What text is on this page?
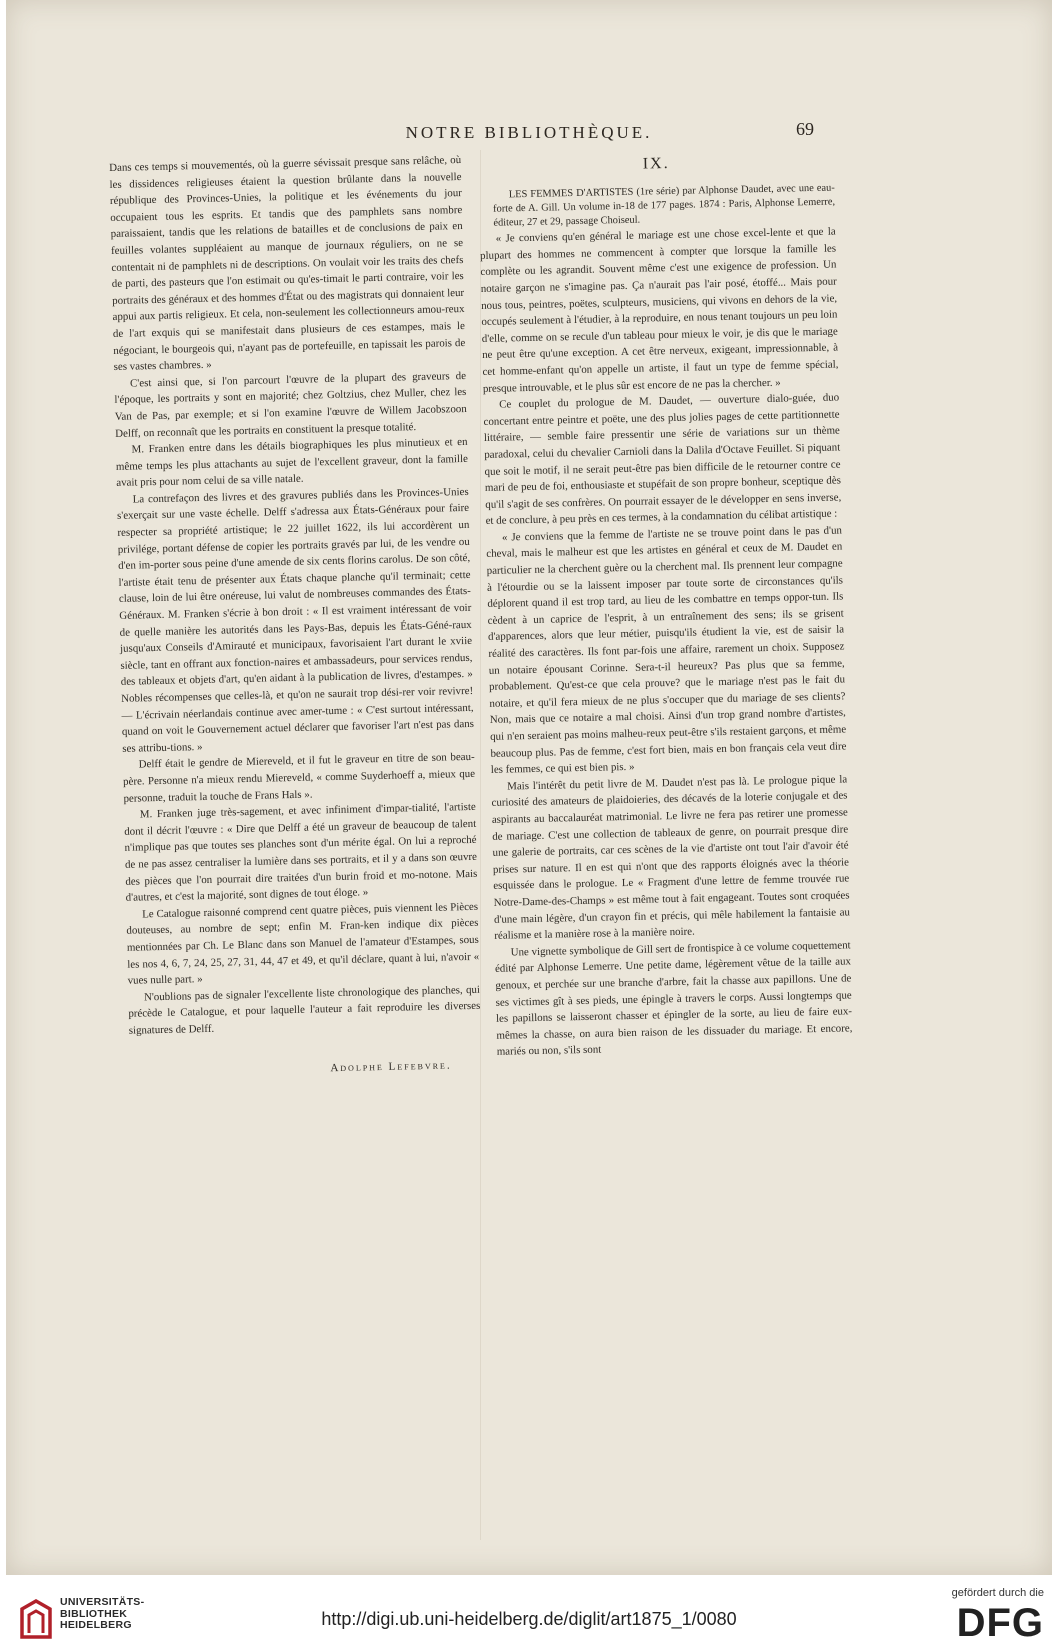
NOTRE BIBLIOTHÈQUE.	69

Dans ces temps si mouvementés, où la guerre sévissait presque sans relâche, où les dissidences religieuses étaient la question brûlante dans la nouvelle république des Provinces-Unies, la politique et les événements du jour occupaient tous les esprits. Et tandis que des pamphlets sans nombre paraissaient, tandis que les relations de batailles et de conclusions de paix en feuilles volantes suppléaient au manque de journaux réguliers, on ne se contentait ni de pamphlets ni de descriptions. On voulait voir les traits des chefs de parti, des pasteurs que l'on estimait ou qu'es-timait le parti contraire, voir les portraits des généraux et des hommes d'État ou des magistrats qui donnaient leur appui aux partis religieux. Et cela, non-seulement les collectionneurs amou-reux de l'art exquis qui se manifestait dans plusieurs de ces estampes, mais le négociant, le bourgeois qui, n'ayant pas de portefeuille, en tapissait les parois de ses vastes chambres. »

C'est ainsi que, si l'on parcourt l'œuvre de la plupart des graveurs de l'époque, les portraits y sont en majorité; chez Goltzius, chez Muller, chez les Van de Pas, par exemple; et si l'on examine l'œuvre de Willem Jacobszoon Delff, on reconnaît que les portraits en constituent la presque totalité.

M. Franken entre dans les détails biographiques les plus minutieux et en même temps les plus attachants au sujet de l'excellent graveur, dont la famille avait pris pour nom celui de sa ville natale.

La contrefaçon des livres et des gravures publiés dans les Provinces-Unies s'exerçait sur une vaste échelle. Delff s'adressa aux États-Généraux pour faire respecter sa propriété artistique; le 22 juillet 1622, ils lui accordèrent un privilége, portant défense de copier les portraits gravés par lui, de les vendre ou d'en im-porter sous peine d'une amende de six cents florins carolus. De son côté, l'artiste était tenu de présenter aux États chaque planche qu'il terminait; cette clause, loin de lui être onéreuse, lui valut de nombreuses commandes des États-Généraux. M. Franken s'écrie à bon droit : « Il est vraiment intéressant de voir de quelle manière les autorités dans les Pays-Bas, depuis les États-Géné-raux jusqu'aux Conseils d'Amirauté et municipaux, favorisaient l'art durant le xviie siècle, tant en offrant aux fonction-naires et ambassadeurs, pour services rendus, des tableaux et objets d'art, qu'en aidant à la publication de livres, d'estampes. » Nobles récompenses que celles-là, et qu'on ne saurait trop dési-rer voir revivre! — L'écrivain néerlandais continue avec amer-tume : « C'est surtout intéressant, quand on voit le Gouvernement actuel déclarer que favoriser l'art n'est pas dans ses attribu-tions. »

Delff était le gendre de Miereveld, et il fut le graveur en titre de son beau-père. Personne n'a mieux rendu Miereveld, « comme Suyderhoeff a, mieux que personne, traduit la touche de Frans Hals ».

M. Franken juge très-sagement, et avec infiniment d'impar-tialité, l'artiste dont il décrit l'œuvre : « Dire que Delff a été un graveur de beaucoup de talent n'implique pas que toutes ses planches sont d'un mérite égal. On lui a reproché de ne pas assez centraliser la lumière dans ses portraits, et il y a dans son œuvre des pièces que l'on pourrait dire traitées d'un burin froid et mo-notone. Mais d'autres, et c'est la majorité, sont dignes de tout éloge. »

Le Catalogue raisonné comprend cent quatre pièces, puis viennent les Pièces douteuses, au nombre de sept; enfin M. Fran-ken indique dix pièces mentionnées par Ch. Le Blanc dans son Manuel de l'amateur d'Estampes, sous les nos 4, 6, 7, 24, 25, 27, 31, 44, 47 et 49, et qu'il déclare, quant à lui, n'avoir « vues nulle part. »

N'oublions pas de signaler l'excellente liste chronologique des planches, qui précède le Catalogue, et pour laquelle l'auteur a fait reproduire les diverses signatures de Delff.

Adolphe Lefebvre.
IX.

LES FEMMES D'ARTISTES (1re série) par Alphonse Daudet, avec une eau-forte de A. Gill. Un volume in-18 de 177 pages. 1874 : Paris, Alphonse Lemerre, éditeur, 27 et 29, passage Choiseul.

« Je conviens qu'en général le mariage est une chose excel-lente et que la plupart des hommes ne commencent à compter que lorsque la famille les complète ou les agrandit. Souvent même c'est une exigence de profession. Un notaire garçon ne s'imagine pas. Ça n'aurait pas l'air posé, étoffé... Mais pour nous tous, peintres, poëtes, sculpteurs, musiciens, qui vivons en dehors de la vie, occupés seulement à l'étudier, à la reproduire, en nous tenant toujours un peu loin d'elle, comme on se recule d'un tableau pour mieux le voir, je dis que le mariage ne peut être qu'une exception. A cet être nerveux, exigeant, impressionnable, à cet homme-enfant qu'on appelle un artiste, il faut un type de femme spécial, presque introuvable, et le plus sûr est encore de ne pas la chercher. »

Ce couplet du prologue de M. Daudet, — ouverture dialo-guée, duo concertant entre peintre et poëte, une des plus jolies pages de cette partitionnette littéraire, — semble faire pressentir une série de variations sur un thème paradoxal, celui du chevalier Carnioli dans la Dalila d'Octave Feuillet. Si piquant que soit le motif, il ne serait peut-être pas bien difficile de le retourner contre ce mari de peu de foi, enthousiaste et stupéfait de son propre bonheur, sceptique dès qu'il s'agit de ses confrères. On pourrait essayer de le développer en sens inverse, et de conclure, à peu près en ces termes, à la condamnation du célibat artistique :

« Je conviens que la femme de l'artiste ne se trouve point dans le pas d'un cheval, mais le malheur est que les artistes en général et ceux de M. Daudet en particulier ne la cherchent guère ou la cherchent mal. Ils prennent leur compagne à l'étourdie ou se la laissent imposer par toute sorte de circonstances qu'ils déplorent quand il est trop tard, au lieu de les combattre en temps oppor-tun. Ils cèdent à un caprice de l'esprit, à un entraînement des sens; ils se grisent d'apparences, alors que leur métier, puisqu'ils étudient la vie, est de saisir la réalité des caractères. Ils font par-fois une affaire, rarement un choix. Supposez un notaire épousant Corinne. Sera-t-il heureux? Pas plus que sa femme, probablement. Qu'est-ce que cela prouve? que le mariage n'est pas le fait du notaire, et qu'il fera mieux de ne plus s'occuper que du mariage de ses clients? Non, mais que ce notaire a mal choisi. Ainsi d'un trop grand nombre d'artistes, qui n'en seraient pas moins malheu-reux peut-être s'ils restaient garçons, et même beaucoup plus. Pas de femme, c'est fort bien, mais en bon français cela veut dire les femmes, ce qui est bien pis. »

Mais l'intérêt du petit livre de M. Daudet n'est pas là. Le prologue pique la curiosité des amateurs de plaidoieries, des décavés de la loterie conjugale et des aspirants au baccalauréat matrimonial. Le livre ne fera pas retirer une promesse de mariage. C'est une collection de tableaux de genre, on pourrait presque dire une galerie de portraits, car ces scènes de la vie d'artiste ont tout l'air d'avoir été prises sur nature. Il en est qui n'ont que des rapports éloignés avec la théorie esquissée dans le prologue. Le « Fragment d'une lettre de femme trouvée rue Notre-Dame-des-Champs » est même tout à fait engageant. Toutes sont croquées d'une main légère, d'un crayon fin et précis, qui mêle habilement la fantaisie au réalisme et la manière rose à la manière noire.

Une vignette symbolique de Gill sert de frontispice à ce volume coquettement édité par Alphonse Lemerre. Une petite dame, légèrement vêtue de la taille aux genoux, et perchée sur une branche d'arbre, fait la chasse aux papillons. Une de ses victimes gît à ses pieds, une épingle à travers le corps. Aussi longtemps que les papillons se laisseront chasser et épingler de la sorte, au lieu de faire eux-mêmes la chasse, on aura bien raison de les dissuader du mariage. Et encore, mariés ou non, s'ils sont

UNIVERSITÄTS-
BIBLIOTHEK
HEIDELBERG	http://digi.ub.uni-heidelberg.de/diglit/art1875_1/0080
gefördert durch die
DFG
